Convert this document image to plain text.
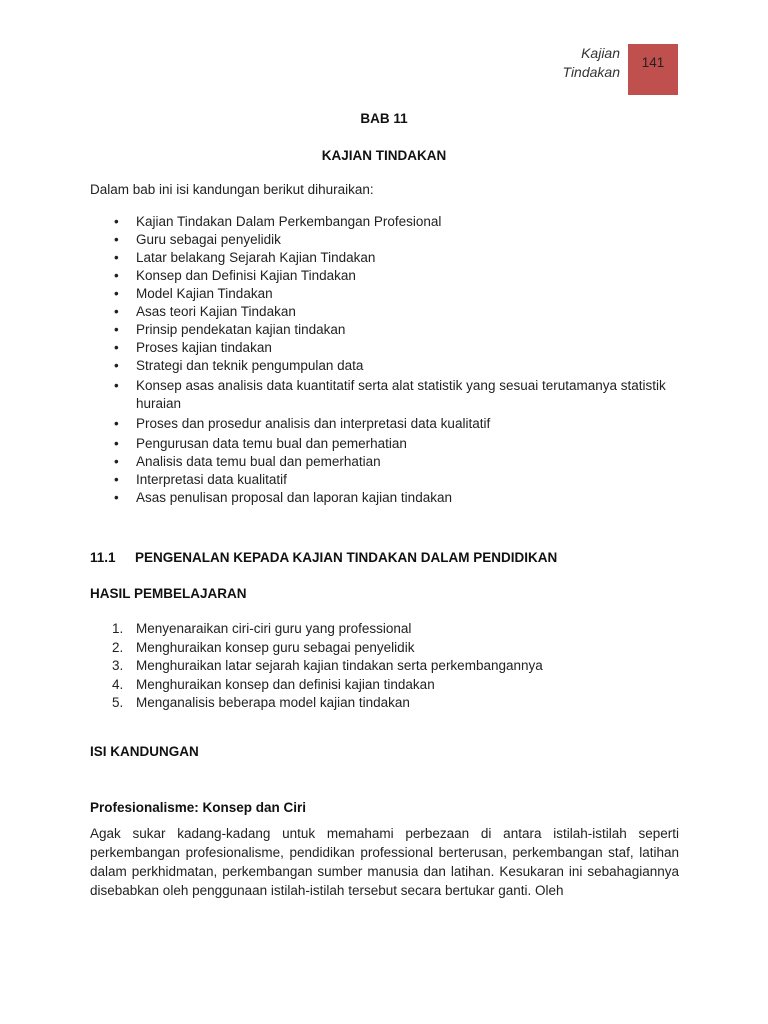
Kajian
Tindakan
141
BAB 11
KAJIAN TINDAKAN
Dalam bab ini isi kandungan berikut dihuraikan:
• Kajian Tindakan Dalam Perkembangan Profesional
• Guru sebagai penyelidik
• Latar belakang Sejarah Kajian Tindakan
• Konsep dan Definisi Kajian Tindakan
• Model Kajian Tindakan
• Asas teori Kajian Tindakan
• Prinsip pendekatan kajian tindakan
• Proses kajian tindakan
• Strategi dan teknik pengumpulan data
• Konsep asas analisis data kuantitatif serta alat statistik yang sesuai terutamanya statistik huraian
• Proses dan prosedur analisis dan interpretasi data kualitatif
• Pengurusan data temu bual dan pemerhatian
• Analisis data temu bual dan pemerhatian
• Interpretasi data kualitatif
• Asas penulisan proposal dan laporan kajian tindakan
11.1 PENGENALAN KEPADA KAJIAN TINDAKAN DALAM PENDIDIKAN
HASIL PEMBELAJARAN
1. Menyenaraikan ciri-ciri guru yang professional
2. Menghuraikan konsep guru sebagai penyelidik
3. Menghuraikan latar sejarah kajian tindakan serta perkembangannya
4. Menghuraikan konsep dan definisi kajian tindakan
5. Menganalisis beberapa model kajian tindakan
ISI KANDUNGAN
Profesionalisme: Konsep dan Ciri

Agak sukar kadang-kadang untuk memahami perbezaan di antara istilah-istilah seperti perkembangan profesionalisme, pendidikan professional berterusan, perkembangan staf, latihan dalam perkhidmatan, perkembangan sumber manusia dan latihan. Kesukaran ini sebahagiannya disebabkan oleh penggunaan istilah-istilah tersebut secara bertukar ganti. Oleh
